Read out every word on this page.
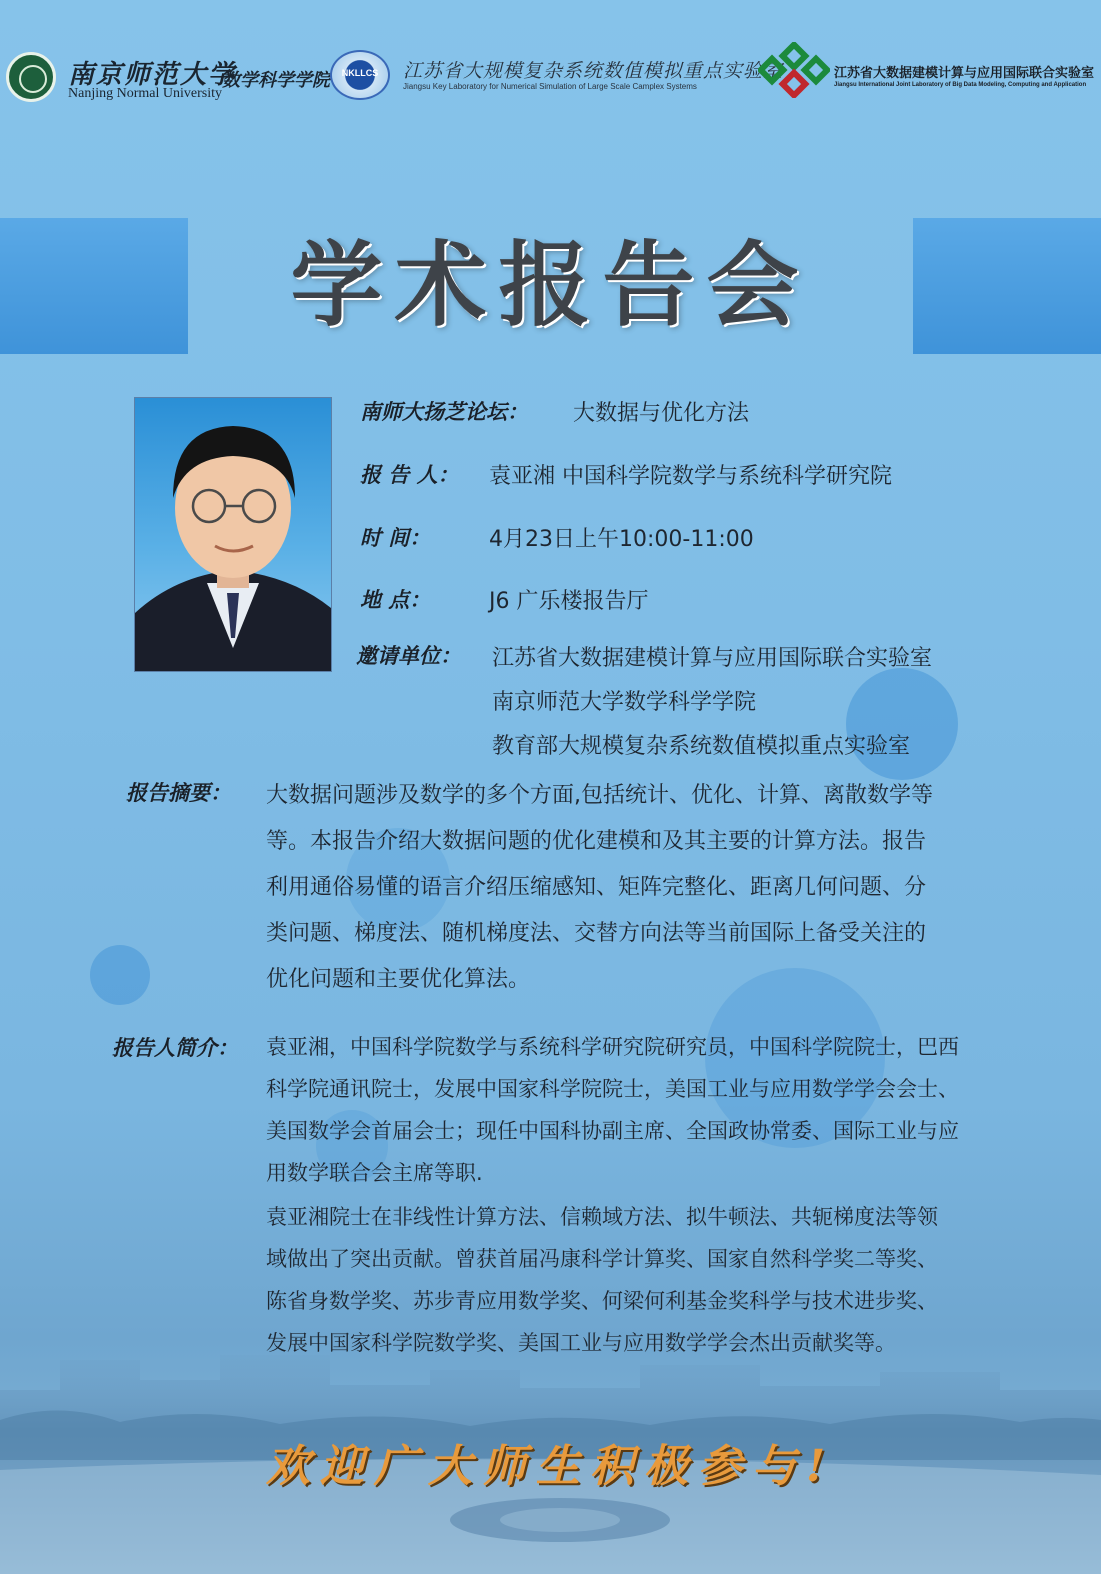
南京师范大学
Nanjing Normal University
数学科学学院	NKLLCS	江苏省大规模复杂系统数值模拟重点实验室
Jiangsu Key Laboratory for Numerical Simulation of Large Scale Camplex Systems
江苏省大数据建模计算与应用国际联合实验室
Jiangsu International Joint Laboratory of Big Data Modeling, Computing and Application
学术报告会
南师大扬芝论坛： 大数据与优化方法
报 告 人： 袁亚湘 中国科学院数学与系统科学研究院
时 间：	4月23日上午10:00-11:00
地 点：	J6 广乐楼报告厅
邀请单位： 江苏省大数据建模计算与应用国际联合实验室
南京师范大学数学科学学院
教育部大规模复杂系统数值模拟重点实验室
报告摘要： 大数据问题涉及数学的多个方面,包括统计、优化、计算、离散数学等
等。本报告介绍大数据问题的优化建模和及其主要的计算方法。报告
利用通俗易懂的语言介绍压缩感知、矩阵完整化、距离几何问题、分
类问题、梯度法、随机梯度法、交替方向法等当前国际上备受关注的
优化问题和主要优化算法。
报告人简介： 袁亚湘，中国科学院数学与系统科学研究院研究员，中国科学院院士，巴西
科学院通讯院士，发展中国家科学院院士，美国工业与应用数学学会会士、
美国数学会首届会士；现任中国科协副主席、全国政协常委、国际工业与应
用数学联合会主席等职.
袁亚湘院士在非线性计算方法、信赖域方法、拟牛顿法、共轭梯度法等领
域做出了突出贡献。曾获首届冯康科学计算奖、国家自然科学奖二等奖、
陈省身数学奖、苏步青应用数学奖、何梁何利基金奖科学与技术进步奖、
发展中国家科学院数学奖、美国工业与应用数学学会杰出贡献奖等。
欢迎广大师生积极参与!
